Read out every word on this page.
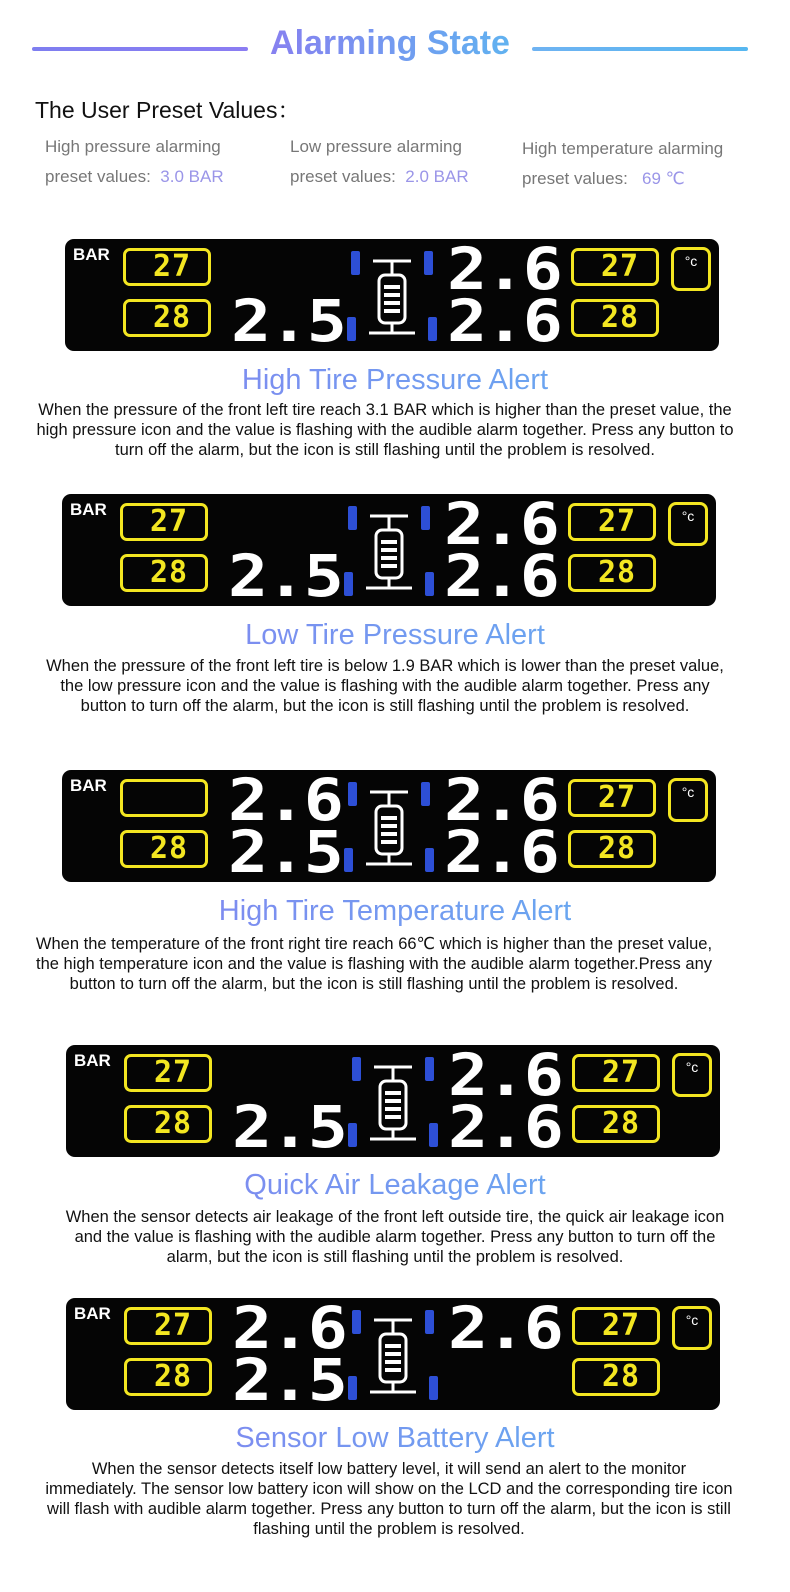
Alarming State
The User Preset Values：
High pressure alarming
preset values: 3.0 BAR
Low pressure alarming
preset values: 2.0 BAR
High temperature alarming
preset values: 69 ℃
BAR 27
28 2.5
2.6
2.6
27
28
°c
High Tire Pressure Alert
When the pressure of the front left tire reach 3.1 BAR which is higher than the preset value, the high pressure icon and the value is flashing with the audible alarm together. Press any button to turn off the alarm, but the icon is still flashing until the problem is resolved.
BAR 27
28 2.5
2.6
2.6
27
28
°c
Low Tire Pressure Alert
When the pressure of the front left tire is below 1.9 BAR which is lower than the preset value, the low pressure icon and the value is flashing with the audible alarm together. Press any button to turn off the alarm, but the icon is still flashing until the problem is resolved.
BAR
28
2.6
2.5
2.6
2.6
27
28
°c
High Tire Temperature Alert
When the temperature of the front right tire reach 66℃ which is higher than the preset value, the high temperature icon and the value is flashing with the audible alarm together.Press any button to turn off the alarm, but the icon is still flashing until the problem is resolved.
BAR 27
28 2.5
2.6
2.6
27
28
°c
Quick Air Leakage Alert
When the sensor detects air leakage of the front left outside tire, the quick air leakage icon and the value is flashing with the audible alarm together. Press any button to turn off the alarm, but the icon is still flashing until the problem is resolved.
BAR 27
28
2.6
2.5
2.6 27
28
°c
Sensor Low Battery Alert
When the sensor detects itself low battery level, it will send an alert to the monitor immediately. The sensor low battery icon will show on the LCD and the corresponding tire icon will flash with audible alarm together. Press any button to turn off the alarm, but the icon is still flashing until the problem is resolved.
